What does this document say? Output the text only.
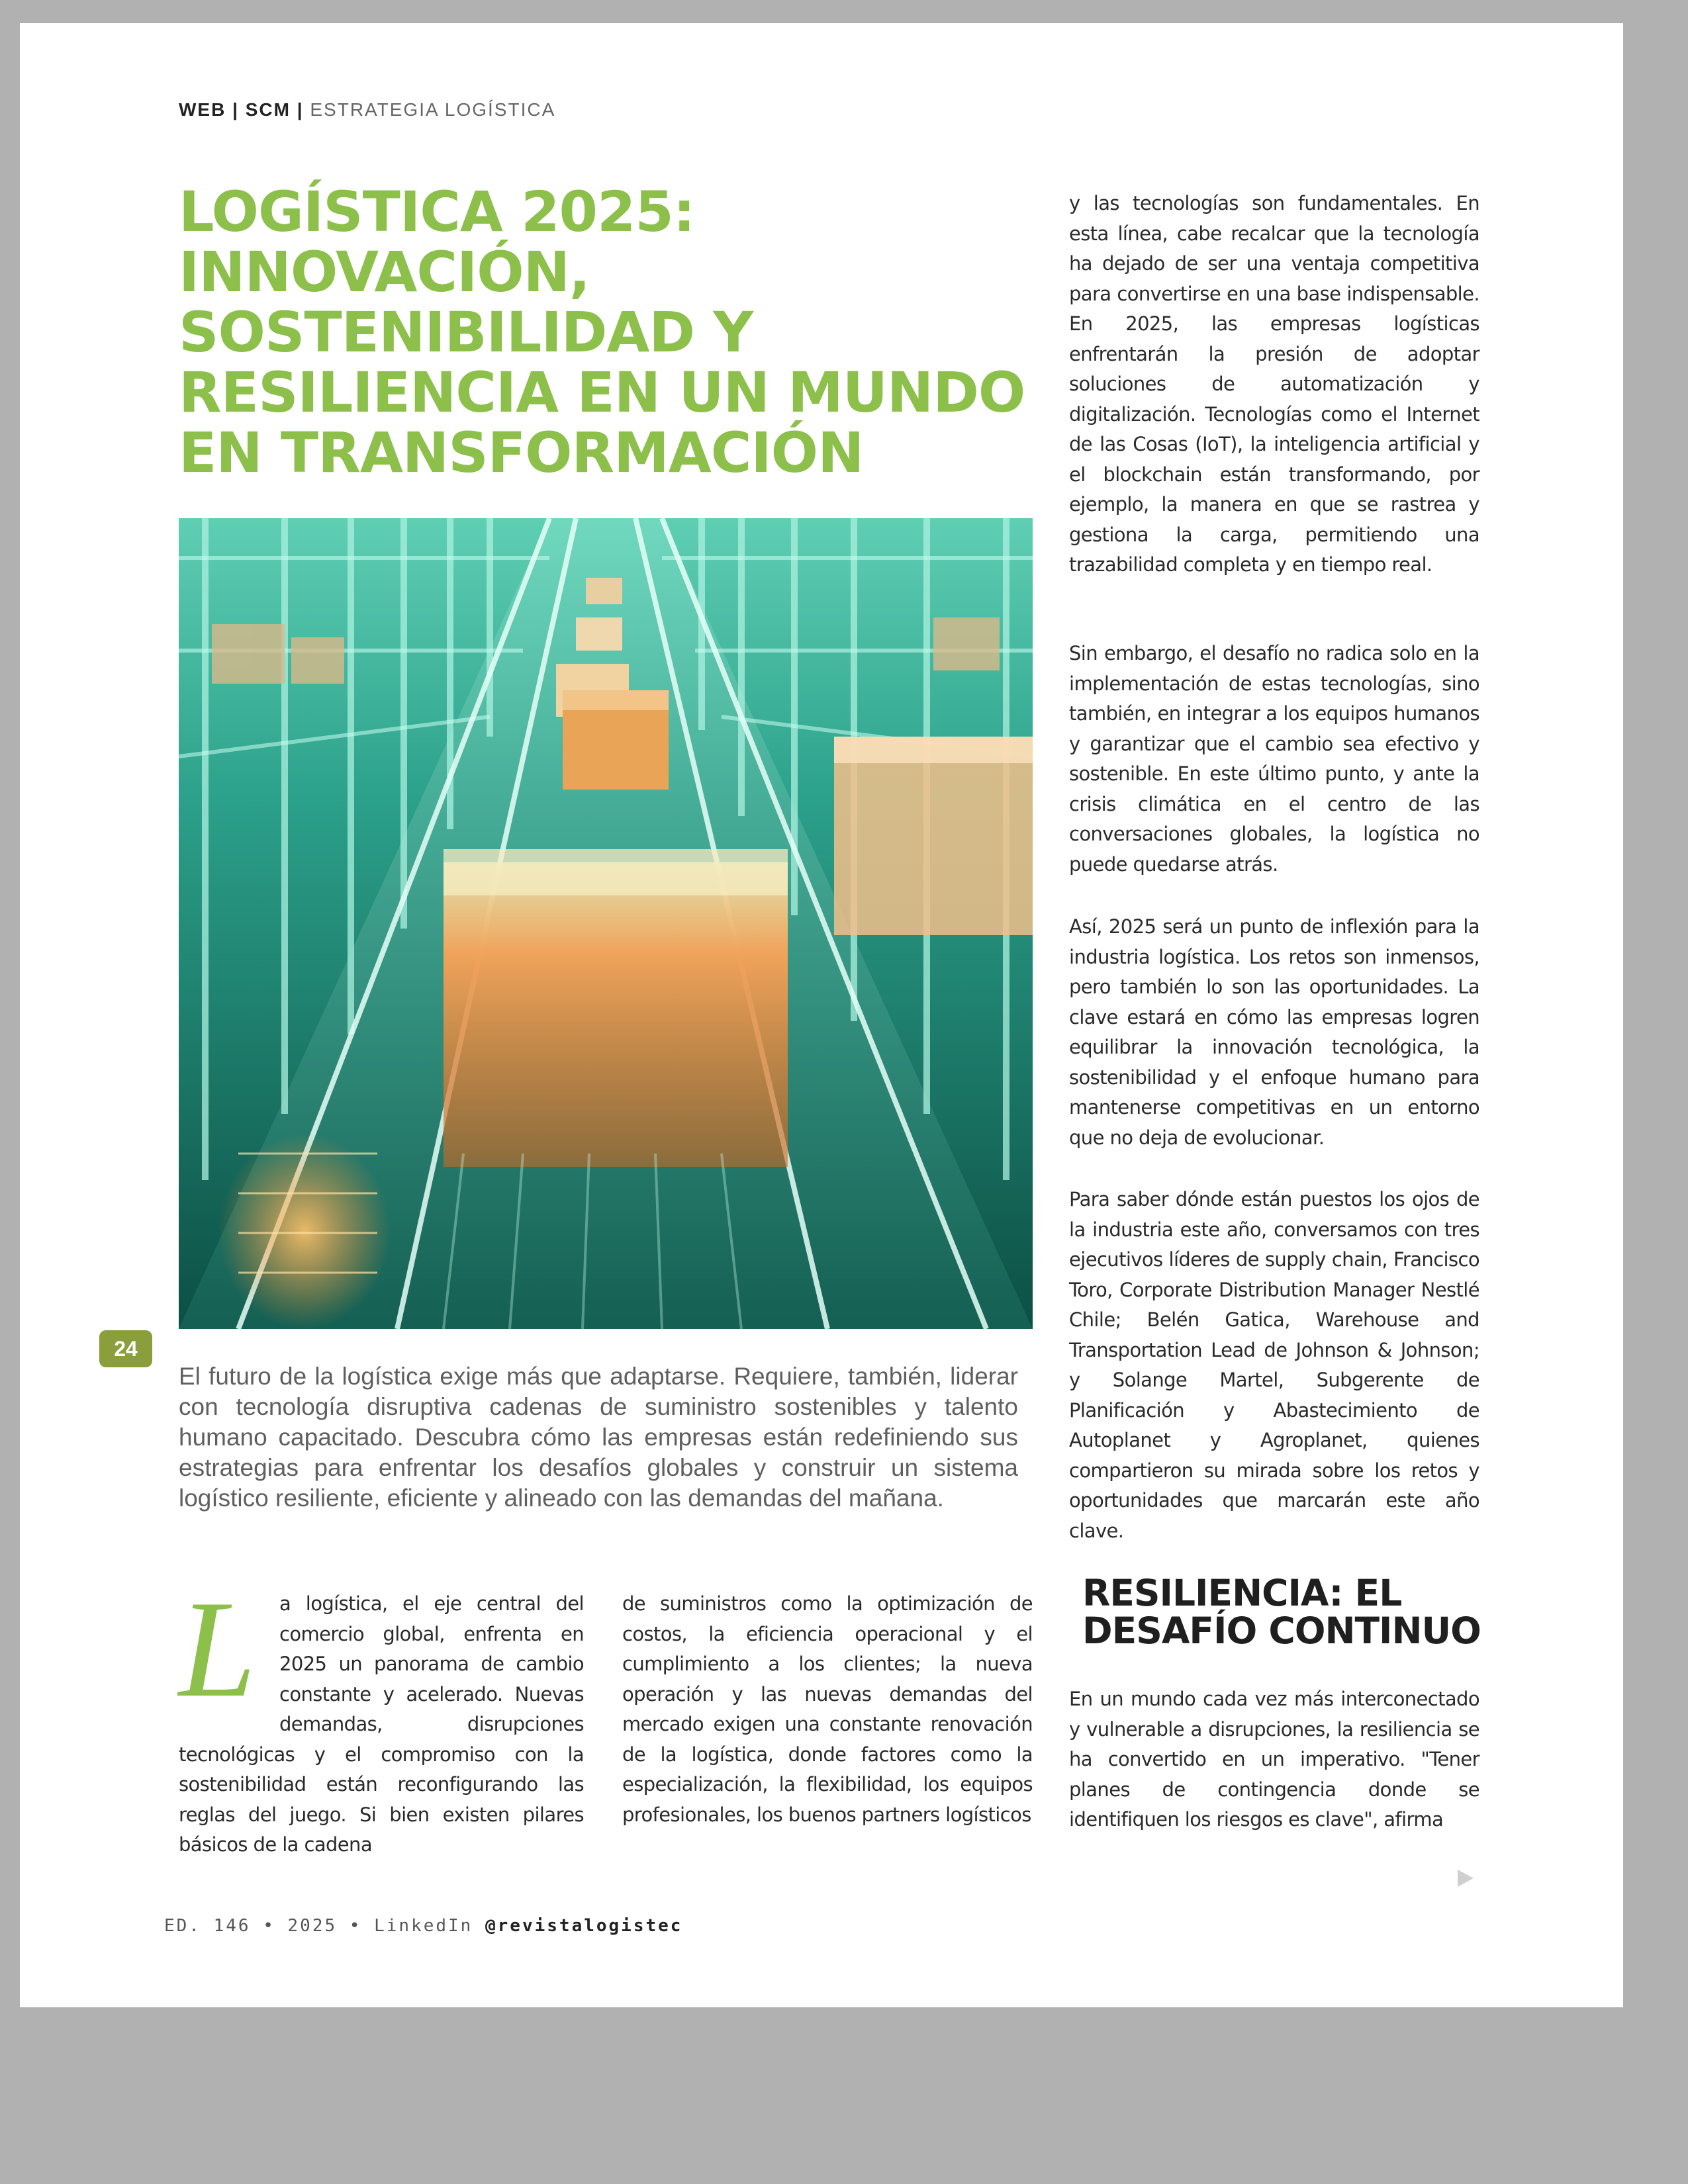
WEB | SCM | ESTRATEGIA LOGÍSTICA
LOGÍSTICA 2025: INNOVACIÓN, SOSTENIBILIDAD Y RESILIENCIA EN UN MUNDO EN TRANSFORMACIÓN
24

El futuro de la logística exige más que adaptarse. Requiere, también, liderar con tecnología disruptiva cadenas de suministro sostenibles y talento humano capacitado. Descubra cómo las empresas están redefiniendo sus estrategias para enfrentar los desafíos globales y construir un sistema logístico resiliente, eficiente y alineado con las demandas del mañana.

L	a logística, el eje central del comercio global, enfrenta en 2025 un panorama de cambio constante y acelerado. Nuevas demandas, disrupciones tecnológicas y el compromiso con la sostenibilidad están reconfigurando las reglas del juego. Si bien existen pilares básicos de la cadena

de suministros como la optimización de costos, la eficiencia operacional y el cumplimiento a los clientes; la nueva operación y las nuevas demandas del mercado exigen una constante renovación de la logística, donde factores como la especialización, la flexibilidad, los equipos profesionales, los buenos partners logísticos

y las tecnologías son fundamentales. En esta línea, cabe recalcar que la tecnología ha dejado de ser una ventaja competitiva para convertirse en una base indispensable. En 2025, las empresas logísticas enfrentarán la presión de adoptar soluciones de automatización y digitalización. Tecnologías como el Internet de las Cosas (IoT), la inteligencia artificial y el blockchain están transformando, por ejemplo, la manera en que se rastrea y gestiona la carga, permitiendo una trazabilidad completa y en tiempo real.

Sin embargo, el desafío no radica solo en la implementación de estas tecnologías, sino también, en integrar a los equipos humanos y garantizar que el cambio sea efectivo y sostenible. En este último punto, y ante la crisis climática en el centro de las conversaciones globales, la logística no puede quedarse atrás.

Así, 2025 será un punto de inflexión para la industria logística. Los retos son inmensos, pero también lo son las oportunidades. La clave estará en cómo las empresas logren equilibrar la innovación tecnológica, la sostenibilidad y el enfoque humano para mantenerse competitivas en un entorno que no deja de evolucionar.

Para saber dónde están puestos los ojos de la industria este año, conversamos con tres ejecutivos líderes de supply chain, Francisco Toro, Corporate Distribution Manager Nestlé Chile; Belén Gatica, Warehouse and Transportation Lead de Johnson & Johnson; y Solange Martel, Subgerente de Planificación y Abastecimiento de Autoplanet y Agroplanet, quienes compartieron su mirada sobre los retos y oportunidades que marcarán este año clave.

RESILIENCIA: EL DESAFÍO CONTINUO

En un mundo cada vez más interconectado y vulnerable a disrupciones, la resiliencia se ha convertido en un imperativo. "Tener planes de contingencia donde se identifiquen los riesgos es clave", afirma

ED. 146 • 2025 • LinkedIn @revistalogistec
